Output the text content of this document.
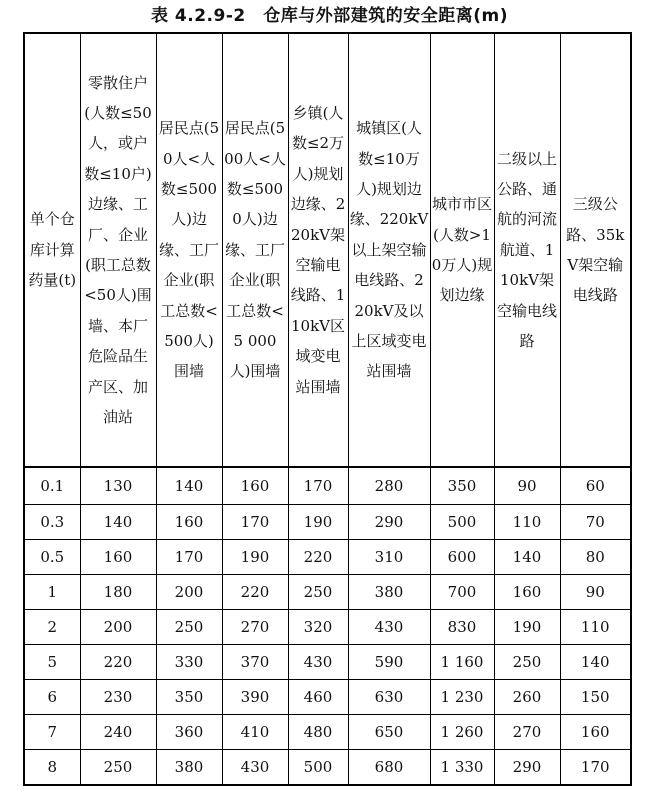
表 4.2.9-2　仓库与外部建筑的安全距离(m)
单个仓库计算药量(t)	零散住户(人数≤50人，或户数≤10户)边缘、工厂、企业(职工总数<50人)围墙、本厂危险品生产区、加油站	居民点(50人<人数≤500人)边缘、工厂企业(职工总数<500人)围墙	居民点(500人<人数≤5000人)边缘、工厂企业(职工总数<5 000人)围墙	乡镇(人数≤2万人)规划边缘、220kV架空输电线路、110kV区域变电站围墙	城镇区(人数≤10万人)规划边缘、220kV以上架空输电线路、220kV及以上区域变电站围墙	城市市区(人数>10万人)规划边缘	二级以上公路、通航的河流航道、110kV架空输电线路	三级公路、35kV架空输电线路

0.1	130	140	160	170	280	350	90	60
0.3	140	160	170	190	290	500	110	70
0.5	160	170	190	220	310	600	140	80
1	180	200	220	250	380	700	160	90
2	200	250	270	320	430	830	190	110
5	220	330	370	430	590	1 160	250	140
6	230	350	390	460	630	1 230	260	150
7	240	360	410	480	650	1 260	270	160
8	250	380	430	500	680	1 330	290	170
